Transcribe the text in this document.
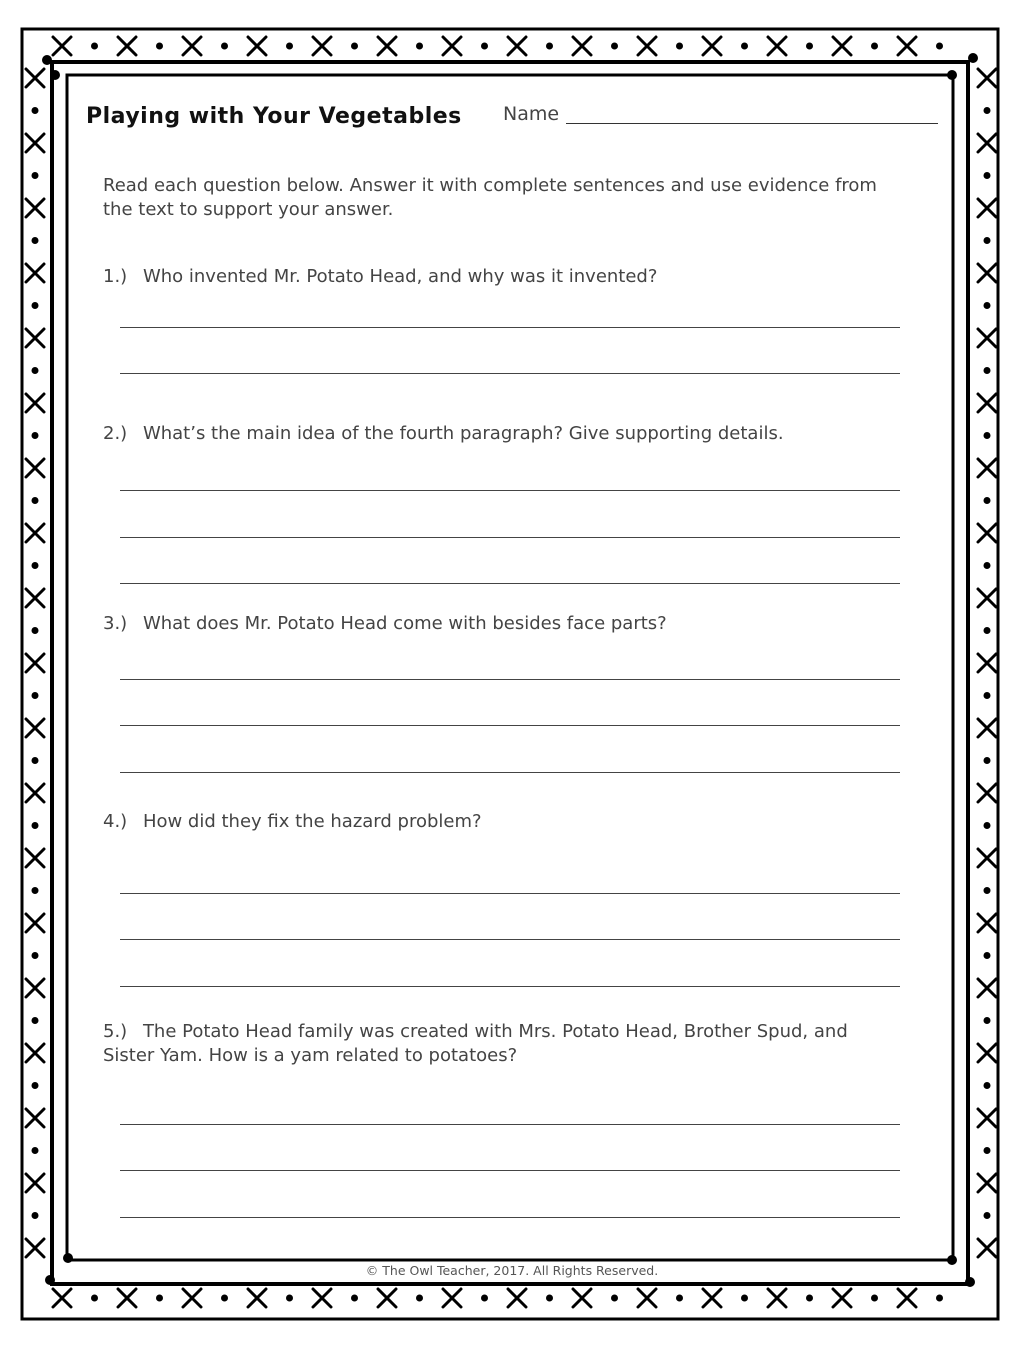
Playing with Your Vegetables Name
Read each question below. Answer it with complete sentences and use evidence from the text to support your answer.
1.) Who invented Mr. Potato Head, and why was it invented?
2.) What’s the main idea of the fourth paragraph? Give supporting details.
3.) What does Mr. Potato Head come with besides face parts?
4.) How did they fix the hazard problem?
5.) The Potato Head family was created with Mrs. Potato Head, Brother Spud, and Sister Yam. How is a yam related to potatoes?
© The Owl Teacher, 2017. All Rights Reserved.
